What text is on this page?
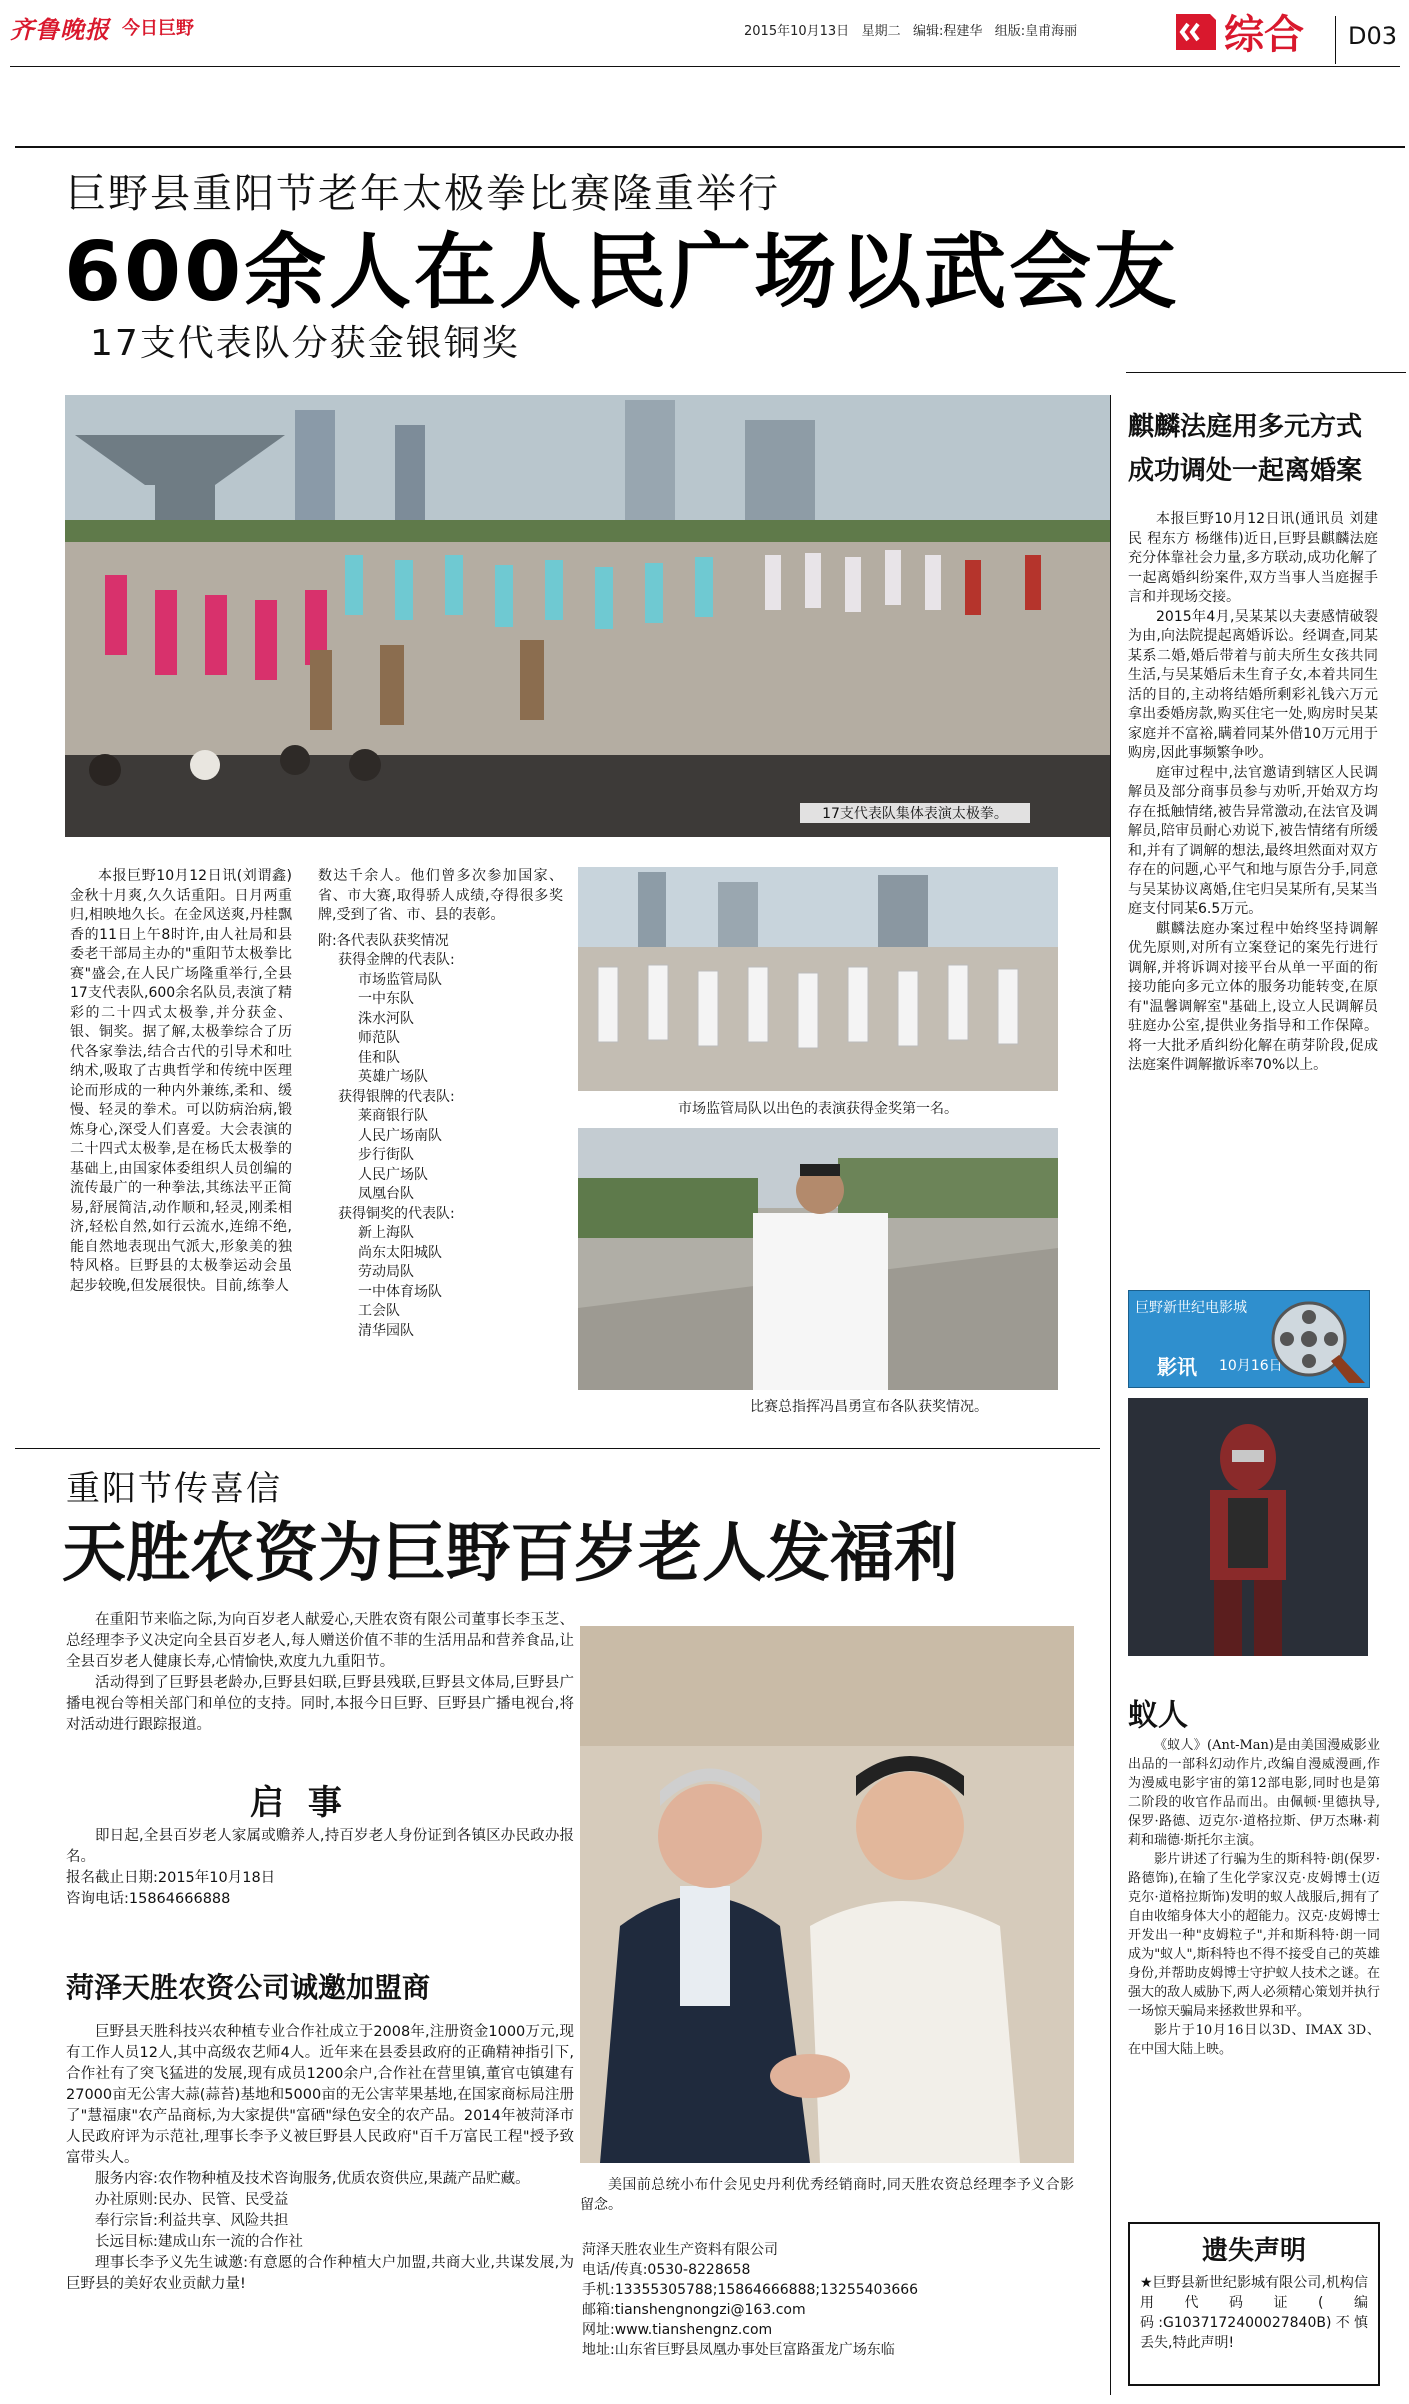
齐鲁晚报 今日巨野	2015年10月13日 星期二 编辑:程建华 组版:皇甫海丽	综合 D03
巨野县重阳节老年太极拳比赛隆重举行
600余人在人民广场以武会友
17支代表队分获金银铜奖
17支代表队集体表演太极拳。

本报巨野10月12日讯(刘谓鑫)金秋十月爽,久久话重阳。日月两重归,相映地久长。在金风送爽,丹桂飘香的11日上午8时许,由人社局和县委老干部局主办的"重阳节太极拳比赛"盛会,在人民广场隆重举行,全县17支代表队,600余名队员,表演了精彩的二十四式太极拳,并分获金、银、铜奖。据了解,太极拳综合了历代各家拳法,结合古代的引导术和吐纳术,吸取了古典哲学和传统中医理论而形成的一种内外兼练,柔和、缓慢、轻灵的拳术。可以防病治病,锻炼身心,深受人们喜爱。大会表演的二十四式太极拳,是在杨氏太极拳的基础上,由国家体委组织人员创编的流传最广的一种拳法,其练法平正简易,舒展简洁,动作顺和,轻灵,刚柔相济,轻松自然,如行云流水,连绵不绝,能自然地表现出气派大,形象美的独特风格。巨野县的太极拳运动会虽起步较晚,但发展很快。目前,练拳人

数达千余人。他们曾多次参加国家、省、市大赛,取得骄人成绩,夺得很多奖牌,受到了省、市、县的表彰。

附:各代表队获奖情况
获得金牌的代表队:
市场监管局队
一中东队
洙水河队
师范队
佳和队
英雄广场队
获得银牌的代表队:
莱商银行队
人民广场南队
步行街队
人民广场队
凤凰台队
获得铜奖的代表队:
新上海队
尚东太阳城队
劳动局队
一中体育场队
工会队
清华园队
市场监管局队以出色的表演获得金奖第一名。
比赛总指挥冯昌勇宣布各队获奖情况。
麒麟法庭用多元方式
成功调处一起离婚案

本报巨野10月12日讯(通讯员 刘建民 程东方 杨继伟)近日,巨野县麒麟法庭充分体靠社会力量,多方联动,成功化解了一起离婚纠纷案件,双方当事人当庭握手言和并现场交接。

2015年4月,吴某某以夫妻感情破裂为由,向法院提起离婚诉讼。经调查,同某某系二婚,婚后带着与前夫所生女孩共同生活,与吴某婚后未生育子女,本着共同生活的目的,主动将结婚所剩彩礼钱六万元拿出委婚房款,购买住宅一处,购房时吴某家庭并不富裕,瞒着同某外借10万元用于购房,因此事频繁争吵。

庭审过程中,法官邀请到辖区人民调解员及部分商事员参与劝听,开始双方均存在抵触情绪,被告异常激动,在法官及调解员,陪审员耐心劝说下,被告情绪有所缓和,并有了调解的想法,最终坦然面对双方存在的问题,心平气和地与原告分手,同意与吴某协议离婚,住宅归吴某所有,吴某当庭支付同某6.5万元。

麒麟法庭办案过程中始终坚持调解优先原则,对所有立案登记的案先行进行调解,并将诉调对接平台从单一平面的衔接功能向多元立体的服务功能转变,在原有"温馨调解室"基础上,设立人民调解员驻庭办公室,提供业务指导和工作保障。将一大批矛盾纠纷化解在萌芽阶段,促成法庭案件调解撤诉率70%以上。

巨野新世纪电影城
影讯 10月16日
蚁人

《蚁人》(Ant-Man)是由美国漫威影业出品的一部科幻动作片,改编自漫威漫画,作为漫威电影宇宙的第12部电影,同时也是第二阶段的收官作品而出。由佩顿·里德执导,保罗·路德、迈克尔·道格拉斯、伊万杰琳·莉莉和瑞德·斯托尔主演。

影片讲述了行骗为生的斯科特·朗(保罗·路德饰),在输了生化学家汉克·皮姆博士(迈克尔·道格拉斯饰)发明的蚁人战服后,拥有了自由收缩身体大小的超能力。汉克·皮姆博士开发出一种"皮姆粒子",并和斯科特·朗一同成为"蚁人",斯科特也不得不接受自己的英雄身份,并帮助皮姆博士守护蚁人技术之谜。在强大的敌人威胁下,两人必须精心策划并执行一场惊天骗局来拯救世界和平。

影片于10月16日以3D、IMAX 3D、在中国大陆上映。

遗失声明
★巨野县新世纪影城有限公司,机构信用代码证(编码:G1037172400027840B)不慎丢失,特此声明!
重阳节传喜信
天胜农资为巨野百岁老人发福利

在重阳节来临之际,为向百岁老人献爱心,天胜农资有限公司董事长李玉芝、总经理李予义决定向全县百岁老人,每人赠送价值不菲的生活用品和营养食品,让全县百岁老人健康长寿,心情愉快,欢度九九重阳节。

活动得到了巨野县老龄办,巨野县妇联,巨野县残联,巨野县文体局,巨野县广播电视台等相关部门和单位的支持。同时,本报今日巨野、巨野县广播电视台,将对活动进行跟踪报道。

启 事

即日起,全县百岁老人家属或赡养人,持百岁老人身份证到各镇区办民政办报名。

报名截止日期:2015年10月18日

咨询电话:15864666888

菏泽天胜农资公司诚邀加盟商

巨野县天胜科技兴农种植专业合作社成立于2008年,注册资金1000万元,现有工作人员12人,其中高级农艺师4人。近年来在县委县政府的正确精神指引下,合作社有了突飞猛进的发展,现有成员1200余户,合作社在营里镇,董官屯镇建有27000亩无公害大蒜(蒜苔)基地和5000亩的无公害苹果基地,在国家商标局注册了"慧福康"农产品商标,为大家提供"富硒"绿色安全的农产品。2014年被菏泽市人民政府评为示范社,理事长李予义被巨野县人民政府"百千万富民工程"授予致富带头人。

服务内容:农作物种植及技术咨询服务,优质农资供应,果蔬产品贮藏。

办社原则:民办、民管、民受益

奉行宗旨:利益共享、风险共担

长远目标:建成山东一流的合作社

理事长李予义先生诚邀:有意愿的合作种植大户加盟,共商大业,共谋发展,为巨野县的美好农业贡献力量!

美国前总统小布什会见史丹利优秀经销商时,同天胜农资总经理李予义合影留念。
菏泽天胜农业生产资料有限公司
电话/传真:0530-8228658
手机:13355305788;15864666888;13255403666
邮箱:tianshengnongzi@163.com
网址:www.tianshengnz.com
地址:山东省巨野县凤凰办事处巨富路蛋龙广场东临
